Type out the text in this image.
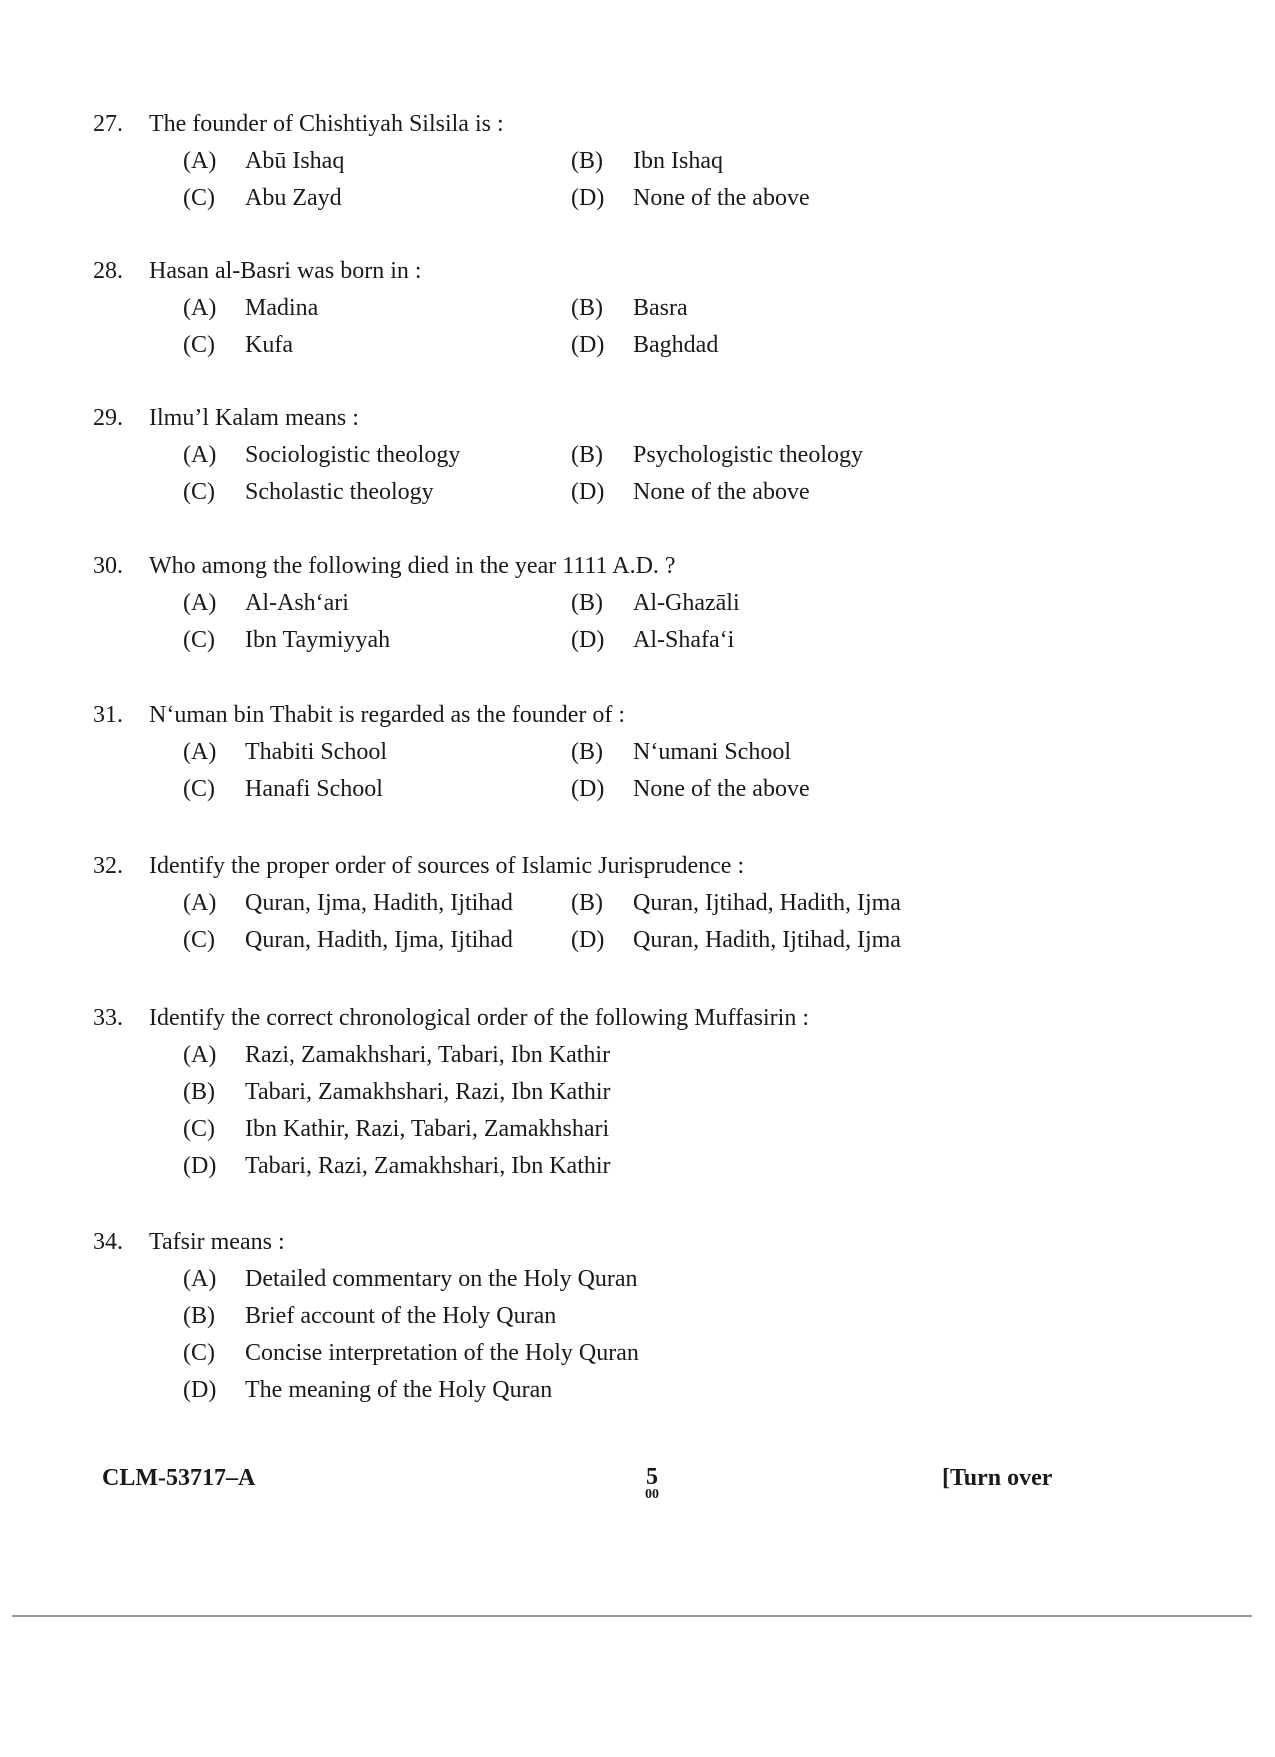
27.	The founder of Chishtiyah Silsila is :
(A)	Abū Ishaq	(B)	Ibn Ishaq
(C)	Abu Zayd	(D)	None of the above
28.	Hasan al-Basri was born in :
(A)	Madina	(B)	Basra
(C)	Kufa	(D)	Baghdad
29.	Ilmu’l Kalam means :
(A)	Sociologistic theology	(B)	Psychologistic theology
(C)	Scholastic theology	(D)	None of the above
30.	Who among the following died in the year 1111 A.D. ?
(A)	Al-Ash‘ari	(B)	Al-Ghazāli
(C)	Ibn Taymiyyah	(D)	Al-Shafa‘i
31.	N‘uman bin Thabit is regarded as the founder of :
(A)	Thabiti School	(B)	N‘umani School
(C)	Hanafi School	(D)	None of the above
32.	Identify the proper order of sources of Islamic Jurisprudence :
(A)	Quran, Ijma, Hadith, Ijtihad (B)	Quran, Ijtihad, Hadith, Ijma
(C)	Quran, Hadith, Ijma, Ijtihad (D)	Quran, Hadith, Ijtihad, Ijma
33.	Identify the correct chronological order of the following Muffasirin :
(A)	Razi, Zamakhshari, Tabari, Ibn Kathir
(B)	Tabari, Zamakhshari, Razi, Ibn Kathir
(C)	Ibn Kathir, Razi, Tabari, Zamakhshari
(D)	Tabari, Razi, Zamakhshari, Ibn Kathir
34.	Tafsir means :
(A)	Detailed commentary on the Holy Quran
(B)	Brief account of the Holy Quran
(C)	Concise interpretation of the Holy Quran
(D)	The meaning of the Holy Quran
CLM-53717–A	5
00
[Turn over
